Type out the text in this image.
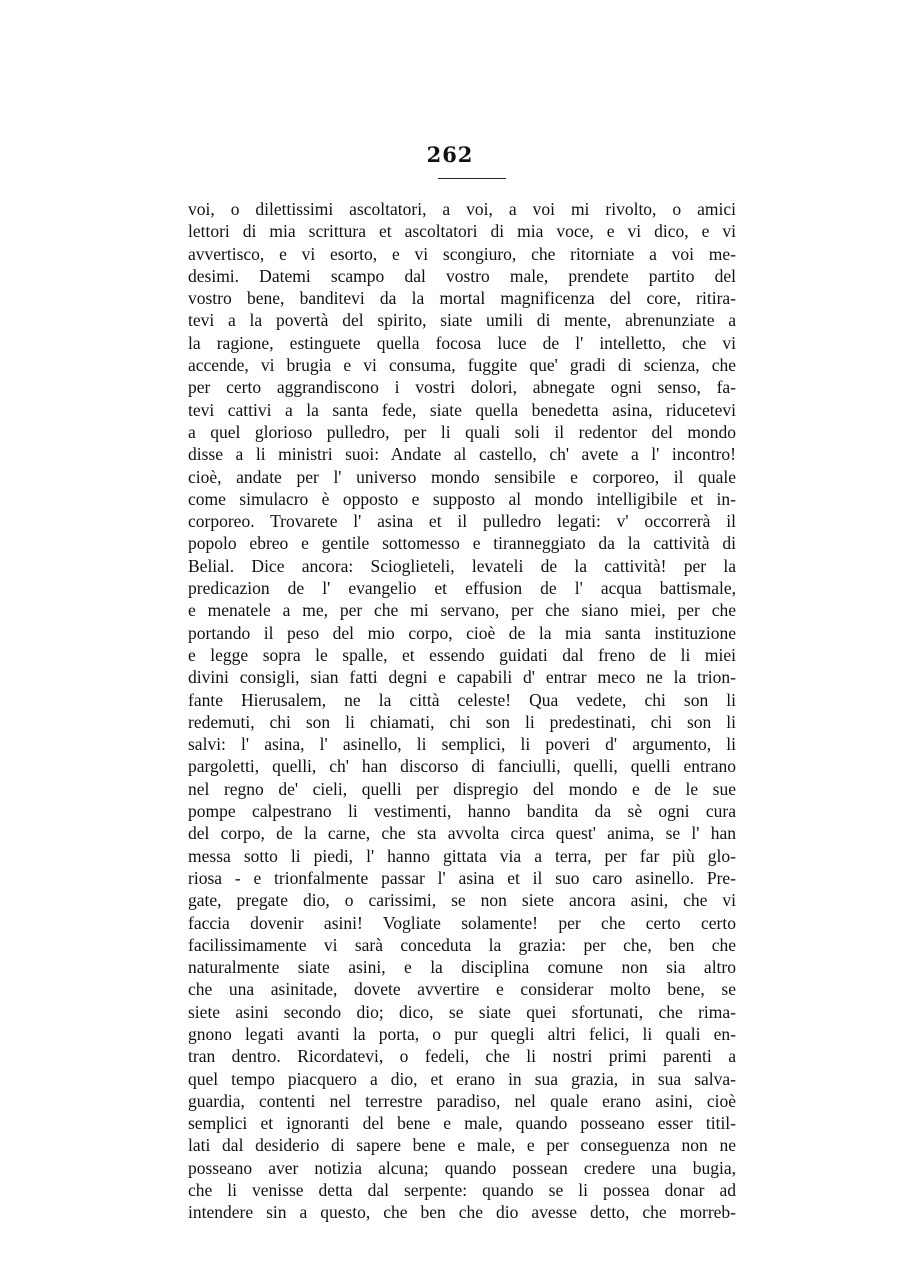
262
voi, o dilettissimi ascoltatori, a voi, a voi mi rivolto, o amici
lettori di mia scrittura et ascoltatori di mia voce, e vi dico, e vi
avvertisco, e vi esorto, e vi scongiuro, che ritorniate a voi me-
desimi. Datemi scampo dal vostro male, prendete partito del
vostro bene, banditevi da la mortal magnificenza del core, ritira-
tevi a la povertà del spirito, siate umili di mente, abrenunziate a
la ragione, estinguete quella focosa luce de l' intelletto, che vi
accende, vi brugia e vi consuma, fuggite que' gradi di scienza, che
per certo aggrandiscono i vostri dolori, abnegate ogni senso, fa-
tevi cattivi a la santa fede, siate quella benedetta asina, riducetevi
a quel glorioso pulledro, per li quali soli il redentor del mondo
disse a li ministri suoi: Andate al castello, ch' avete a l' incontro!
cioè, andate per l' universo mondo sensibile e corporeo, il quale
come simulacro è opposto e supposto al mondo intelligibile et in-
corporeo. Trovarete l' asina et il pulledro legati: v' occorrerà il
popolo ebreo e gentile sottomesso e tiranneggiato da la cattività di
Belial. Dice ancora: Scioglieteli, levateli de la cattività! per la
predicazion de l' evangelio et effusion de l' acqua battismale,
e menatele a me, per che mi servano, per che siano miei, per che
portando il peso del mio corpo, cioè de la mia santa instituzione
e legge sopra le spalle, et essendo guidati dal freno de li miei
divini consigli, sian fatti degni e capabili d' entrar meco ne la trion-
fante Hierusalem, ne la città celeste! Qua vedete, chi son li
redemuti, chi son li chiamati, chi son li predestinati, chi son li
salvi: l' asina, l' asinello, li semplici, li poveri d' argumento, li
pargoletti, quelli, ch' han discorso di fanciulli, quelli, quelli entrano
nel regno de' cieli, quelli per dispregio del mondo e de le sue
pompe calpestrano li vestimenti, hanno bandita da sè ogni cura
del corpo, de la carne, che sta avvolta circa quest' anima, se l' han
messa sotto li piedi, l' hanno gittata via a terra, per far più glo-
riosa - e trionfalmente passar l' asina et il suo caro asinello. Pre-
gate, pregate dio, o carissimi, se non siete ancora asini, che vi
faccia dovenir asini! Vogliate solamente! per che certo certo
facilissimamente vi sarà conceduta la grazia: per che, ben che
naturalmente siate asini, e la disciplina comune non sia altro
che una asinitade, dovete avvertire e considerar molto bene, se
siete asini secondo dio; dico, se siate quei sfortunati, che rima-
gnono legati avanti la porta, o pur quegli altri felici, li quali en-
tran dentro. Ricordatevi, o fedeli, che li nostri primi parenti a
quel tempo piacquero a dio, et erano in sua grazia, in sua salva-
guardia, contenti nel terrestre paradiso, nel quale erano asini, cioè
semplici et ignoranti del bene e male, quando posseano esser titil-
lati dal desiderio di sapere bene e male, e per conseguenza non ne
posseano aver notizia alcuna; quando possean credere una bugia,
che li venisse detta dal serpente: quando se li possea donar ad
intendere sin a questo, che ben che dio avesse detto, che morreb-
